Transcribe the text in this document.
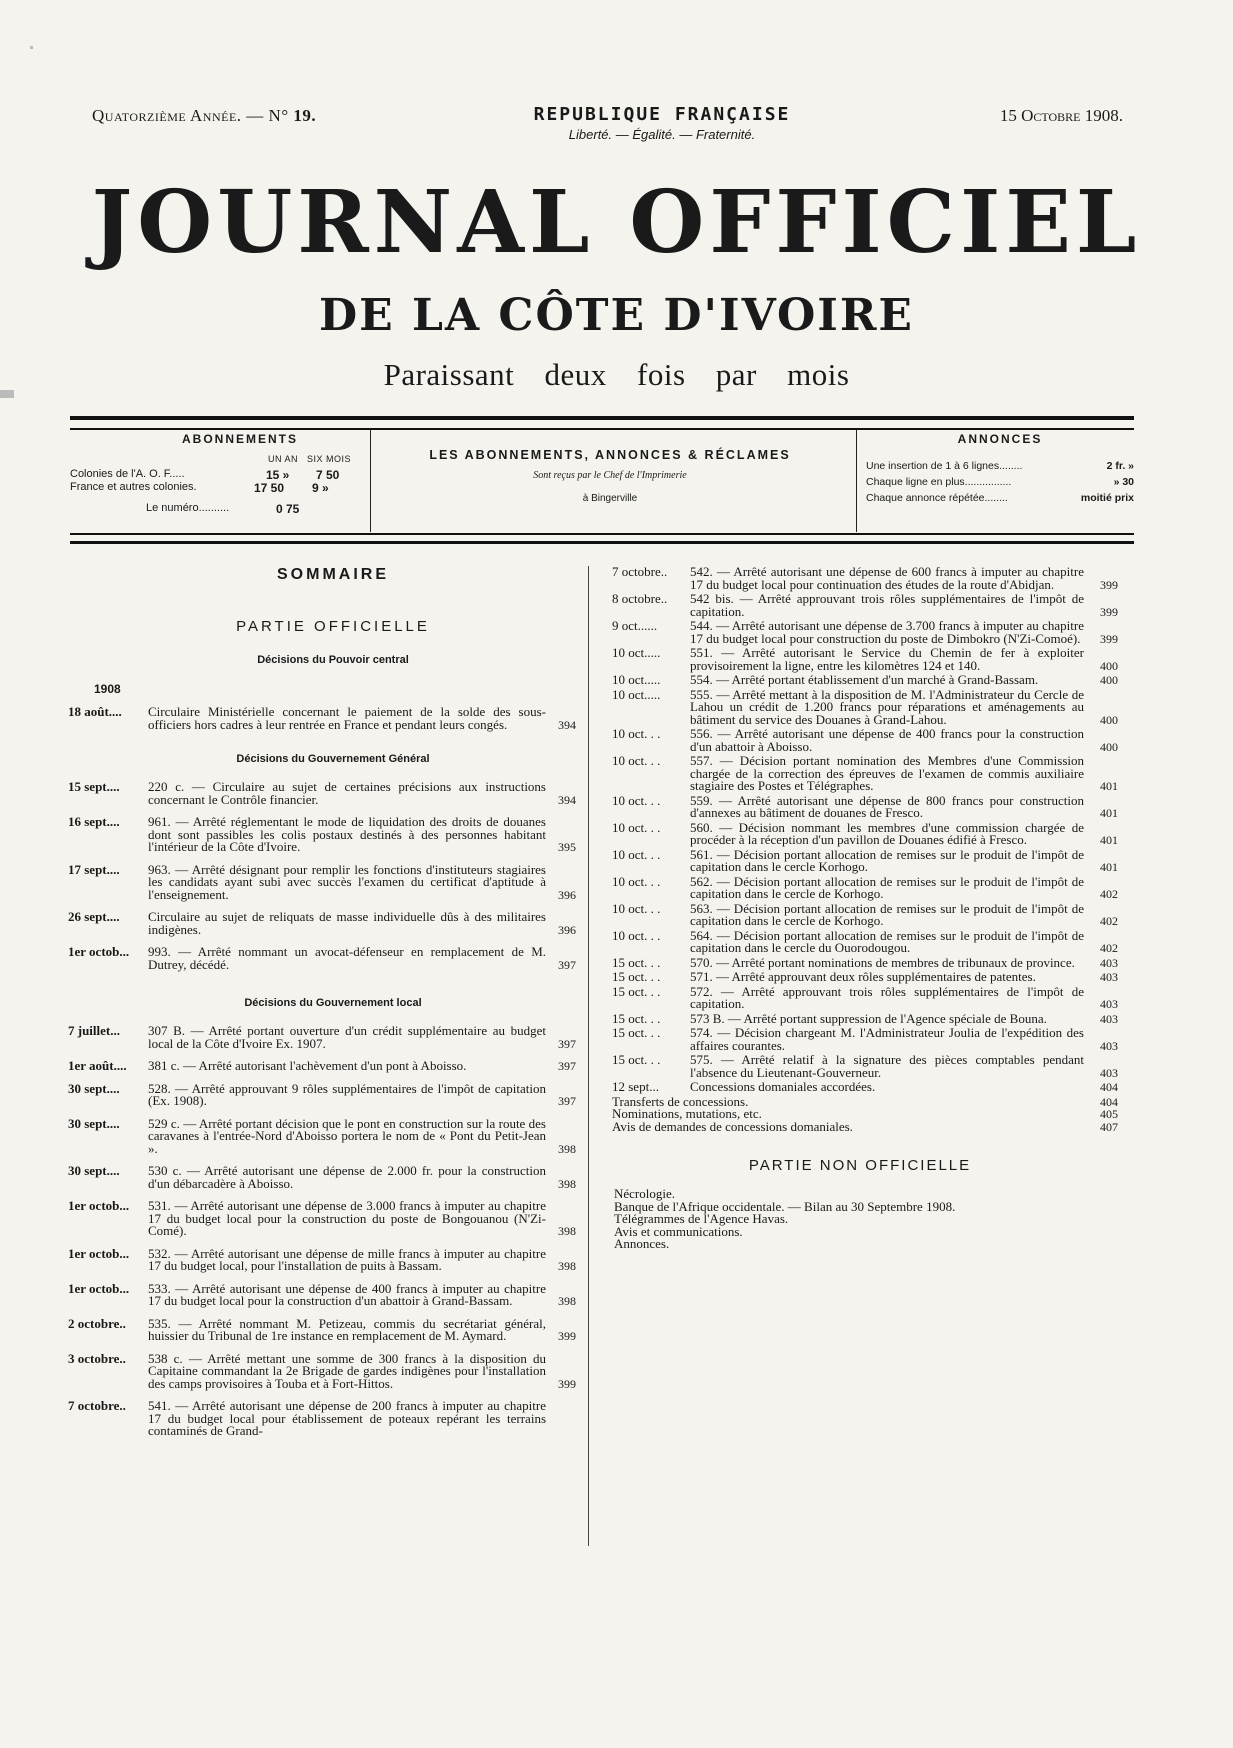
Quatorzième Année. — N° 19.	REPUBLIQUE FRANÇAISE
Liberté. — Égalité. — Fraternité.
15 Octobre 1908.
JOURNAL OFFICIEL
DE LA CÔTE D'IVOIRE
Paraissant deux fois par mois
ABONNEMENTS
UN AN SIX MOIS
Colonies de l'A. O. F.....	15 » 7 50
France et autres colonies.	17 50 9 »
Le numéro..........	0 75
LES ABONNEMENTS, ANNONCES & RÉCLAMES
Sont reçus par le Chef de l'Imprimerie
à Bingerville
ANNONCES
Une insertion de 1 à 6 lignes........	2 fr. »
Chaque ligne en plus................	» 30
Chaque annonce répétée........	moitié prix
SOMMAIRE
PARTIE OFFICIELLE
Décisions du Pouvoir central
1908
18 août....	Circulaire Ministérielle concernant le paiement de la solde des sous-officiers hors cadres à leur rentrée en France et pendant leurs congés.	394
Décisions du Gouvernement Général
15 sept....	220 c. — Circulaire au sujet de certaines précisions aux instructions concernant le Contrôle financier.	394
16 sept....	961. — Arrêté réglementant le mode de liquidation des droits de douanes dont sont passibles les colis postaux destinés à des personnes habitant l'intérieur de la Côte d'Ivoire.	395
17 sept....	963. — Arrêté désignant pour remplir les fonctions d'instituteurs stagiaires les candidats ayant subi avec succès l'examen du certificat d'aptitude à l'enseignement.	396
26 sept....	Circulaire au sujet de reliquats de masse individuelle dûs à des militaires indigènes.	396
1er octob...	993. — Arrêté nommant un avocat-défenseur en remplacement de M. Dutrey, décédé.	397
Décisions du Gouvernement local
7 juillet...	307 B. — Arrêté portant ouverture d'un crédit supplémentaire au budget local de la Côte d'Ivoire Ex. 1907.	397
1er août....	381 c. — Arrêté autorisant l'achèvement d'un pont à Aboisso.	397
30 sept....	528. — Arrêté approuvant 9 rôles supplémentaires de l'impôt de capitation (Ex. 1908).	397
30 sept....	529 c. — Arrêté portant décision que le pont en construction sur la route des caravanes à l'entrée-Nord d'Aboisso portera le nom de « Pont du Petit-Jean ».	398
30 sept....	530 c. — Arrêté autorisant une dépense de 2.000 fr. pour la construction d'un débarcadère à Aboisso.	398
1er octob...	531. — Arrêté autorisant une dépense de 3.000 francs à imputer au chapitre 17 du budget local pour la construction du poste de Bongouanou (N'Zi-Comé).	398
1er octob...	532. — Arrêté autorisant une dépense de mille francs à imputer au chapitre 17 du budget local, pour l'installation de puits à Bassam.	398
1er octob...	533. — Arrêté autorisant une dépense de 400 francs à imputer au chapitre 17 du budget local pour la construction d'un abattoir à Grand-Bassam.	398
2 octobre..	535. — Arrêté nommant M. Petizeau, commis du secrétariat général, huissier du Tribunal de 1re instance en remplacement de M. Aymard.	399
3 octobre..	538 c. — Arrêté mettant une somme de 300 francs à la disposition du Capitaine commandant la 2e Brigade de gardes indigènes pour l'installation des camps provisoires à Touba et à Fort-Hittos.	399
7 octobre..	541. — Arrêté autorisant une dépense de 200 francs à imputer au chapitre 17 du budget local pour établissement de poteaux repérant les terrains contaminés de Grand-
7 octobre..	542. — Arrêté autorisant une dépense de 600 francs à imputer au chapitre 17 du budget local pour continuation des études de la route d'Abidjan.	399
8 octobre..	542 bis. — Arrêté approuvant trois rôles supplémentaires de l'impôt de capitation.	399
9 oct......	544. — Arrêté autorisant une dépense de 3.700 francs à imputer au chapitre 17 du budget local pour construction du poste de Dimbokro (N'Zi-Comoé).	399
10 oct.....	551. — Arrêté autorisant le Service du Chemin de fer à exploiter provisoirement la ligne, entre les kilomètres 124 et 140.	400
10 oct.....	554. — Arrêté portant établissement d'un marché à Grand-Bassam.	400
10 oct.....	555. — Arrêté mettant à la disposition de M. l'Administrateur du Cercle de Lahou un crédit de 1.200 francs pour réparations et aménagements au bâtiment du service des Douanes à Grand-Lahou.	400
10 oct. . .	556. — Arrêté autorisant une dépense de 400 francs pour la construction d'un abattoir à Aboisso.	400
10 oct. . .	557. — Décision portant nomination des Membres d'une Commission chargée de la correction des épreuves de l'examen de commis auxiliaire stagiaire des Postes et Télégraphes.	401
10 oct. . .	559. — Arrêté autorisant une dépense de 800 francs pour construction d'annexes au bâtiment de douanes de Fresco.	401
10 oct. . .	560. — Décision nommant les membres d'une commission chargée de procéder à la réception d'un pavillon de Douanes édifié à Fresco.	401
10 oct. . .	561. — Décision portant allocation de remises sur le produit de l'impôt de capitation dans le cercle Korhogo.	401
10 oct. . .	562. — Décision portant allocation de remises sur le produit de l'impôt de capitation dans le cercle de Korhogo.	402
10 oct. . .	563. — Décision portant allocation de remises sur le produit de l'impôt de capitation dans le cercle de Korhogo.	402
10 oct. . .	564. — Décision portant allocation de remises sur le produit de l'impôt de capitation dans le cercle du Ouorodougou.	402
15 oct. . .	570. — Arrêté portant nominations de membres de tribunaux de province.	403
15 oct. . .	571. — Arrêté approuvant deux rôles supplémentaires de patentes.	403
15 oct. . .	572. — Arrêté approuvant trois rôles supplémentaires de l'impôt de capitation.	403
15 oct. . .	573 B. — Arrêté portant suppression de l'Agence spéciale de Bouna.	403
15 oct. . .	574. — Décision chargeant M. l'Administrateur Joulia de l'expédition des affaires courantes.	403
15 oct. . .	575. — Arrêté relatif à la signature des pièces comptables pendant l'absence du Lieutenant-Gouverneur.	403
12 sept...	Concessions domaniales accordées.	404
Transferts de concessions.	404
Nominations, mutations, etc.	405
Avis de demandes de concessions domaniales.	407
PARTIE NON OFFICIELLE
Nécrologie.
Banque de l'Afrique occidentale. — Bilan au 30 Septembre 1908.
Télégrammes de l'Agence Havas.
Avis et communications.
Annonces.
